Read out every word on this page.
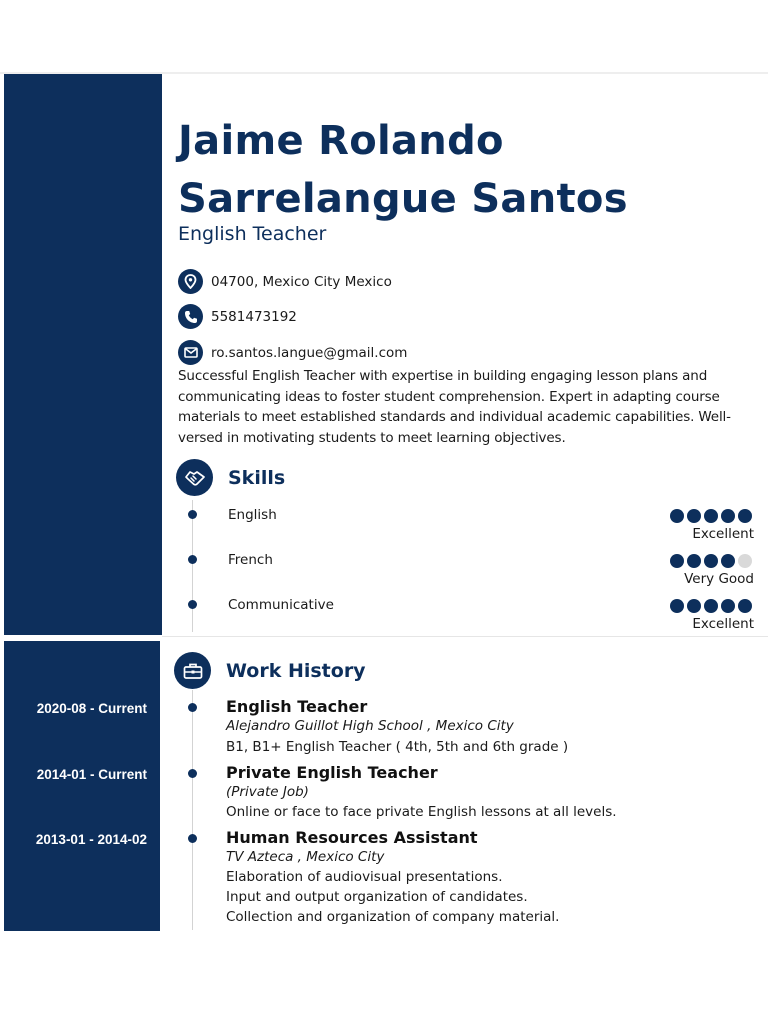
Jaime Rolando
Sarrelangue Santos
English Teacher
04700, Mexico City Mexico
5581473192
ro.santos.langue@gmail.com
Successful English Teacher with expertise in building engaging lesson plans and communicating ideas to foster student comprehension. Expert in adapting course materials to meet established standards and individual academic capabilities. Well-versed in motivating students to meet learning objectives.
Skills
English
Excellent
French
Very Good
Communicative
Excellent
Work History
2020-08 - Current	English Teacher
Alejandro Guillot High School , Mexico City
B1, B1+ English Teacher ( 4th, 5th and 6th grade )
2014-01 - Current	Private English Teacher
(Private Job)
Online or face to face private English lessons at all levels.
2013-01 - 2014-02	Human Resources Assistant
TV Azteca , Mexico City
Elaboration of audiovisual presentations.
Input and output organization of candidates.
Collection and organization of company material.
